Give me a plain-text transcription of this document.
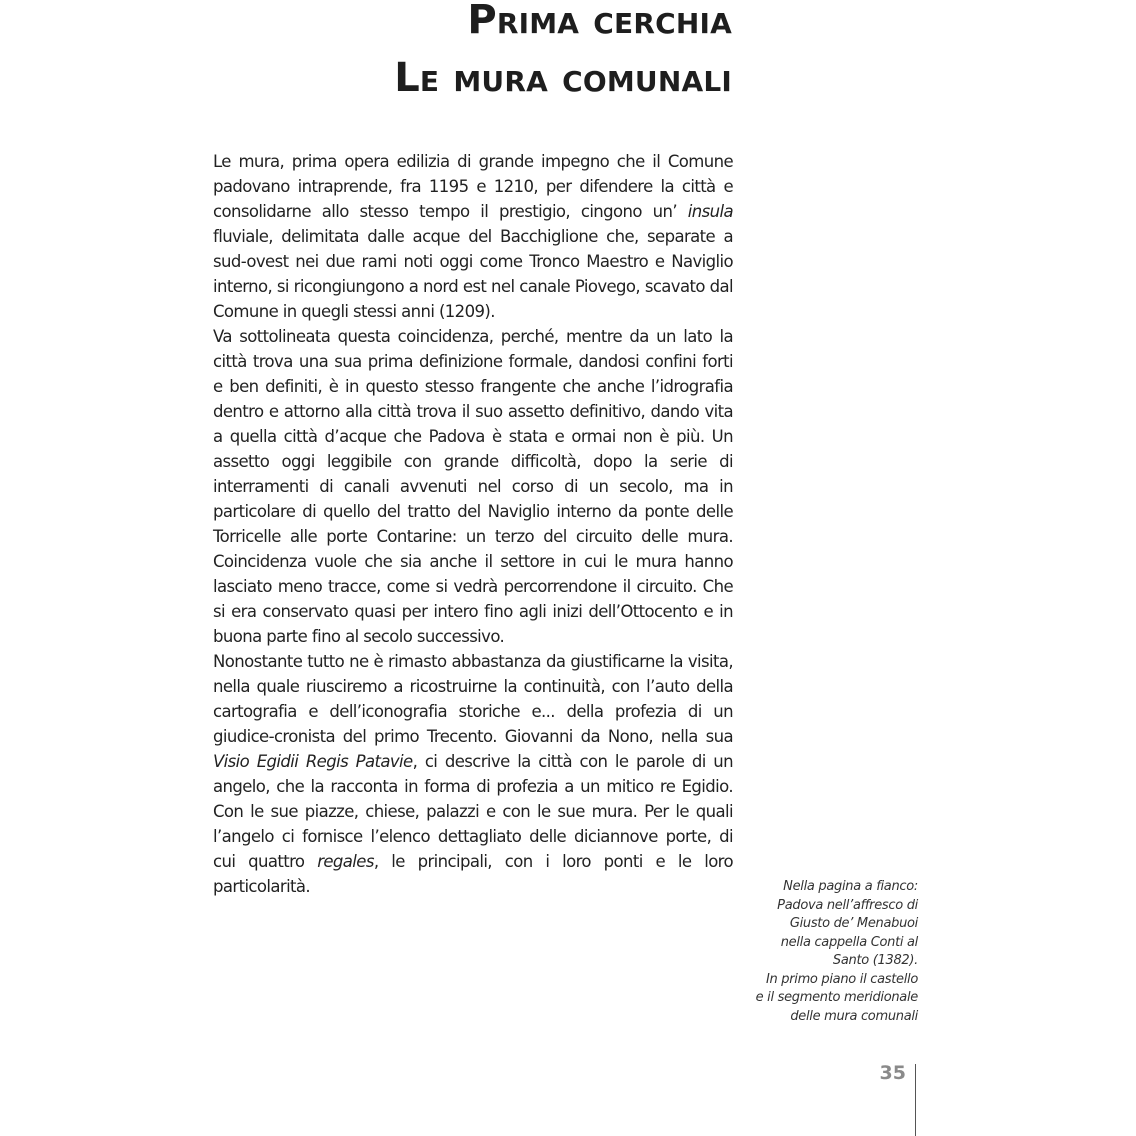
Prima cerchia
Le mura comunali

Le mura, prima opera edilizia di grande impegno che il Comune padovano intraprende, fra 1195 e 1210, per difendere la città e consolidarne allo stesso tempo il prestigio, cingono un’ insula fluviale, delimitata dalle acque del Bacchiglione che, separate a sud-ovest nei due rami noti oggi come Tronco Maestro e Naviglio interno, si ricongiungono a nord est nel canale Piovego, scavato dal Comune in quegli stessi anni (1209).

Va sottolineata questa coincidenza, perché, mentre da un lato la città trova una sua prima definizione formale, dandosi confini forti e ben definiti, è in questo stesso frangente che anche l’idrografia dentro e attorno alla città trova il suo assetto definitivo, dando vita a quella città d’acque che Padova è stata e ormai non è più. Un assetto oggi leggibile con grande difficoltà, dopo la serie di interramenti di canali avvenuti nel corso di un secolo, ma in particolare di quello del tratto del Naviglio interno da ponte delle Torricelle alle porte Contarine: un terzo del circuito delle mura. Coincidenza vuole che sia anche il settore in cui le mura hanno lasciato meno tracce, come si vedrà percorrendone il circuito. Che si era conservato quasi per intero fino agli inizi dell’Ottocento e in buona parte fino al secolo successivo.

Nonostante tutto ne è rimasto abbastanza da giustificarne la visita, nella quale riusciremo a ricostruirne la continuità, con l’auto della cartografia e dell’iconografia storiche e... della profezia di un giudice-cronista del primo Trecento. Giovanni da Nono, nella sua Visio Egidii Regis Patavie, ci descrive la città con le parole di un angelo, che la racconta in forma di profezia a un mitico re Egidio. Con le sue piazze, chiese, palazzi e con le sue mura. Per le quali l’angelo ci fornisce l’elenco dettagliato delle diciannove porte, di cui quattro regales, le principali, con i loro ponti e le loro particolarità.	Nella pagina a fianco:
Padova nell’affresco di
Giusto de’ Menabuoi
nella cappella Conti al
Santo (1382).
In primo piano il castello
e il segmento meridionale
delle mura comunali
35
